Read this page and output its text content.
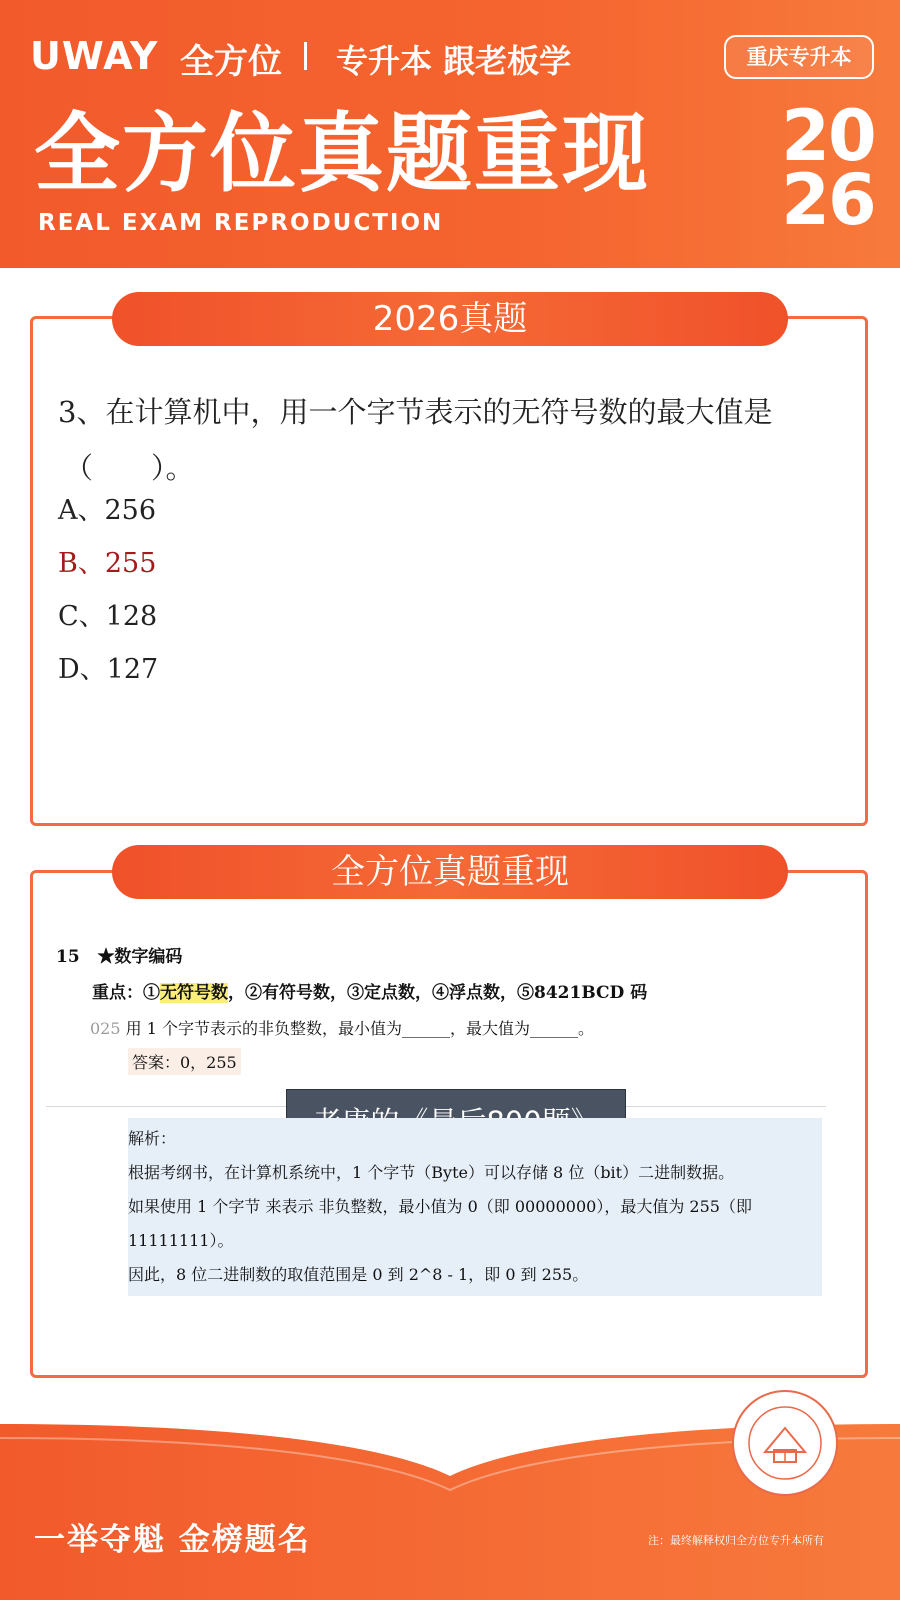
UWAY 全方位 专升本 跟老板学	重庆专升本
全方位真题重现
REAL EXAM REPRODUCTION
20
26
2026真题
3、在计算机中，用一个字节表示的无符号数的最大值是
（　　）。
A、256
B、255
C、128
D、127
全方位真题重现
15 ★数字编码
重点：①无符号数，②有符号数，③定点数，④浮点数，⑤8421BCD 码
025 用 1 个字节表示的非负整数，最小值为______，最大值为______。
答案：0，255
解析：
根据考纲书，在计算机系统中，1 个字节（Byte）可以存储 8 位（bit）二进制数据。
如果使用 1 个字节 来表示 非负整数，最小值为 0（即 00000000），最大值为 255（即
11111111）。
因此，8 位二进制数的取值范围是 0 到 2^8 - 1，即 0 到 255。
一举夺魁 金榜题名	注：最终解释权归全方位专升本所有
